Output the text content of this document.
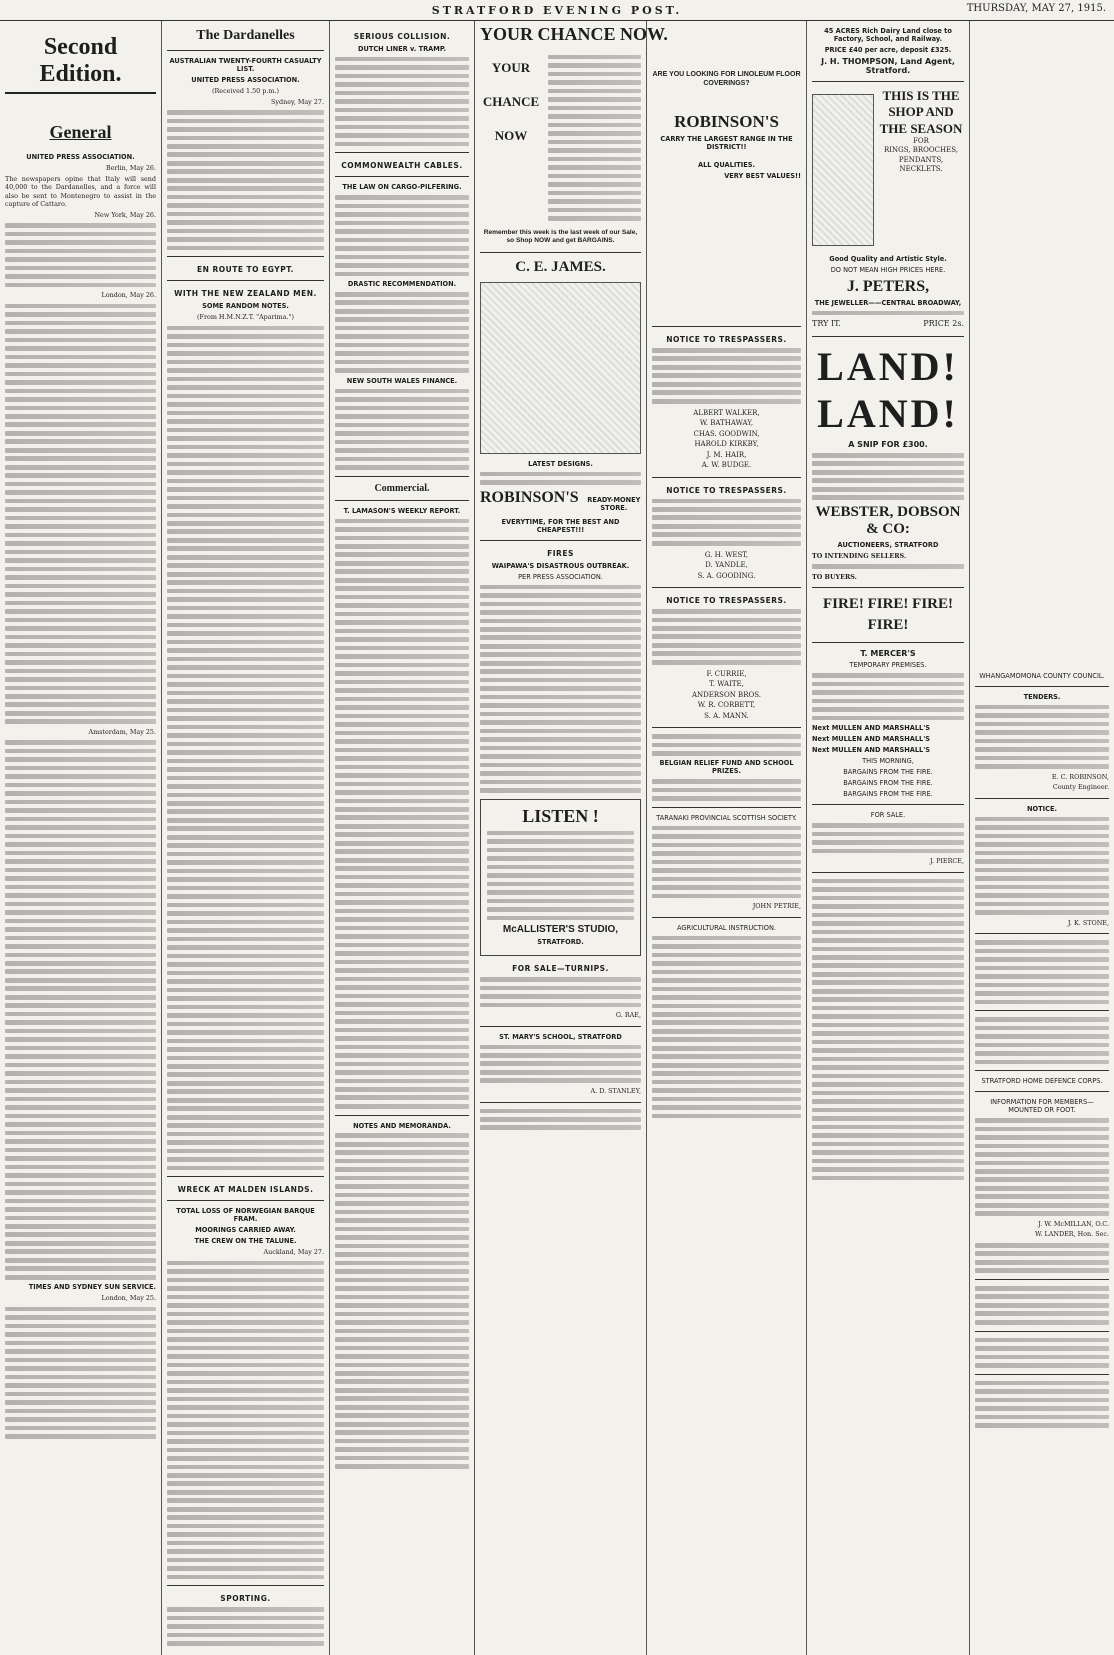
STRATFORD EVENING POST.	THURSDAY, MAY 27, 1915.
Second Edition.
General
UNITED PRESS ASSOCIATION.
Berlin, May 26.
The newspapers opine that Italy will send 40,000 to the Dardanelles, and a force will also be sent to Montenegro to assist in the capture of Cattaro.
New York, May 26.
London, May 26.
Amsterdam, May 25.
TIMES AND SYDNEY SUN SERVICE.
London, May 25.
The Dardanelles
AUSTRALIAN TWENTY-FOURTH CASUALTY LIST.
UNITED PRESS ASSOCIATION.
(Received 1.50 p.m.)
Sydney, May 27.
EN ROUTE TO EGYPT.
WITH THE NEW ZEALAND MEN.
SOME RANDOM NOTES.
(From H.M.N.Z.T. "Aparima.")
WRECK AT MALDEN ISLANDS.
TOTAL LOSS OF NORWEGIAN BARQUE FRAM.
MOORINGS CARRIED AWAY.
THE CREW ON THE TALUNE.
Auckland, May 27.
SPORTING.
SERIOUS COLLISION.
DUTCH LINER v. TRAMP.
COMMONWEALTH CABLES.
THE LAW ON CARGO-PILFERING.
DRASTIC RECOMMENDATION.
NEW SOUTH WALES FINANCE.
Commercial.
T. LAMASON'S WEEKLY REPORT.
NOTES AND MEMORANDA.
YOUR CHANCE NOW.
YOUR CHANCE NOW
Remember this week is the last week of our Sale, so Shop NOW and get BARGAINS.
C. E. JAMES.
LATEST DESIGNS.
ROBINSON'S READY-MONEY STORE.
EVERYTIME, FOR THE BEST AND CHEAPEST!!!
FIRES
WAIPAWA'S DISASTROUS OUTBREAK.
PER PRESS ASSOCIATION.
LISTEN !
McALLISTER'S STUDIO,
STRATFORD.
FOR SALE—TURNIPS.
G. RAE,
ST. MARY'S SCHOOL, STRATFORD
A. D. STANLEY,
ARE YOU LOOKING FOR LINOLEUM FLOOR COVERINGS?
ROBINSON'S
CARRY THE LARGEST RANGE IN THE DISTRICT!!
ALL QUALITIES.
VERY BEST VALUES!!
NOTICE TO TRESPASSERS.
ALBERT WALKER,
W. BATHAWAY,
CHAS. GOODWIN,
HAROLD KIRKBY,
J. M. HAIR,
A. W. BUDGE.
NOTICE TO TRESPASSERS.
G. H. WEST,
D. YANDLE,
S. A. GOODING.
NOTICE TO TRESPASSERS.
F. CURRIE,
T. WAITE,
ANDERSON BROS.
W. R. CORBETT,
S. A. MANN.
BELGIAN RELIEF FUND AND SCHOOL PRIZES.
TARANAKI PROVINCIAL SCOTTISH SOCIETY.
JOHN PETRIE,
AGRICULTURAL INSTRUCTION.
45 ACRES Rich Dairy Land close to Factory, School, and Railway.
PRICE £40 per acre, deposit £325.
J. H. THOMPSON, Land Agent, Stratford.
THIS IS THE SHOP AND THE SEASON
FOR
RINGS, BROOCHES, PENDANTS, NECKLETS.
Good Quality and Artistic Style.
DO NOT MEAN HIGH PRICES HERE.
J. PETERS,
THE JEWELLER——CENTRAL BROADWAY,
TRY IT.	PRICE 2s.
LAND! LAND!
A SNIP FOR £300.
WEBSTER, DOBSON & CO:
AUCTIONEERS, STRATFORD
TO INTENDING SELLERS.
TO BUYERS.
FIRE! FIRE! FIRE! FIRE!
T. MERCER'S
TEMPORARY PREMISES.
Next MULLEN AND MARSHALL'S
Next MULLEN AND MARSHALL'S
Next MULLEN AND MARSHALL'S
THIS MORNING,
BARGAINS FROM THE FIRE.
BARGAINS FROM THE FIRE.
BARGAINS FROM THE FIRE.
FOR SALE.
J. PIERCE,
WHANGAMOMONA COUNTY COUNCIL.
TENDERS.
E. C. ROBINSON,
County Engineer.
NOTICE.
J. K. STONE,
STRATFORD HOME DEFENCE CORPS.
INFORMATION FOR MEMBERS—MOUNTED OR FOOT.
J. W. McMILLAN, O.C.
W. LANDER, Hon. Sec.
